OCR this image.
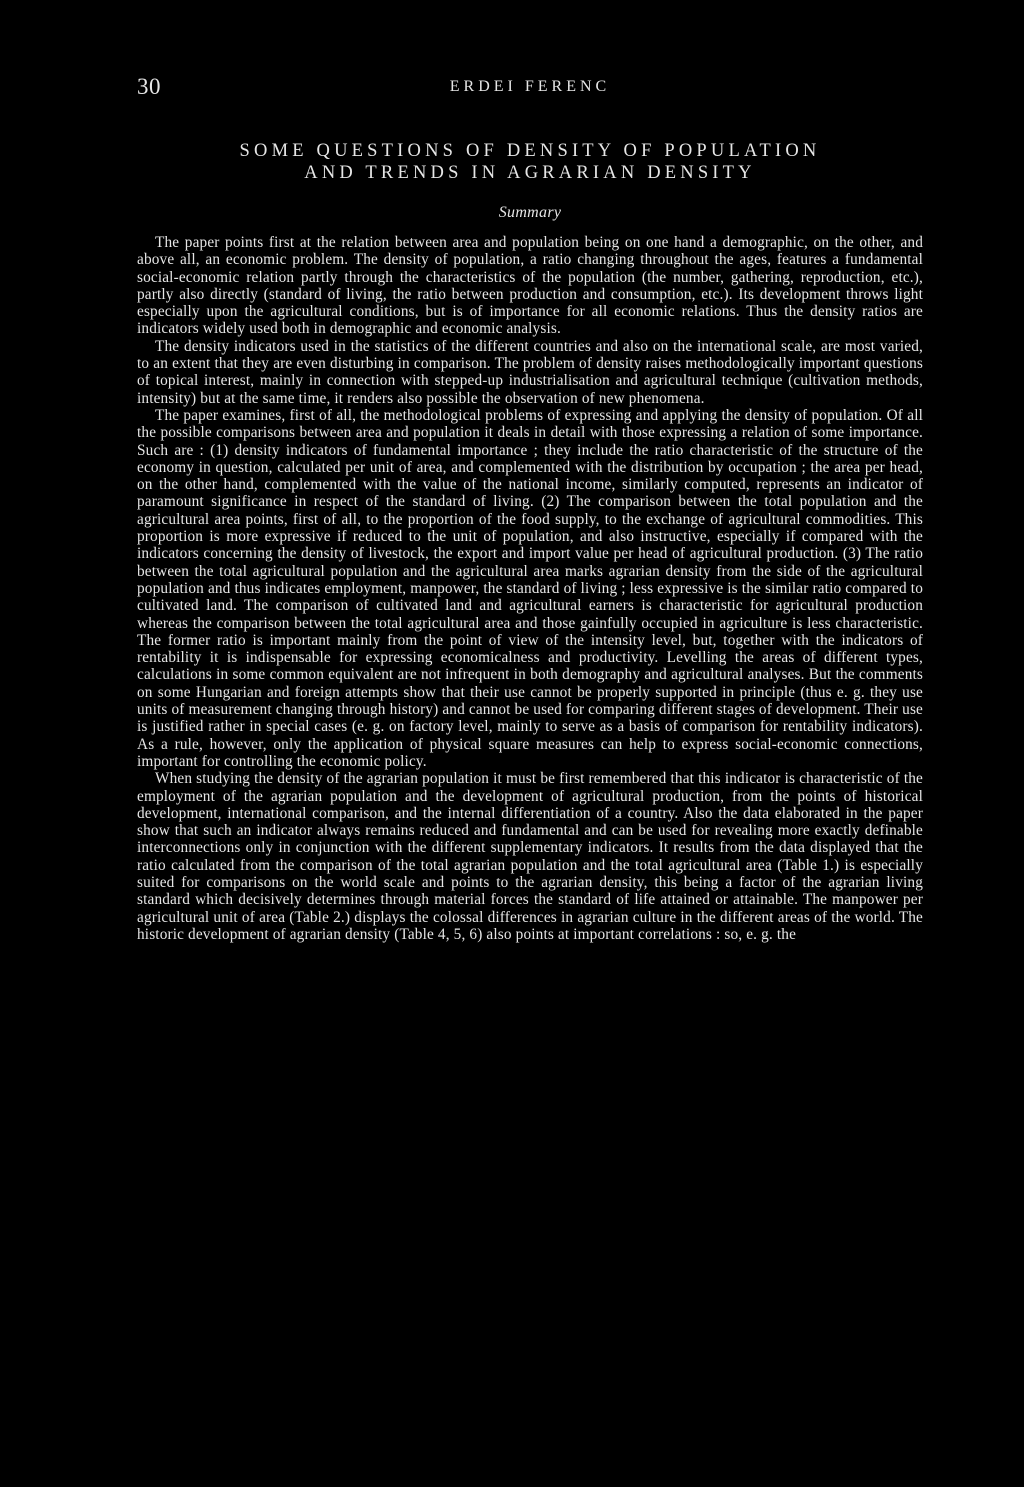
30	ERDEI FERENC
SOME QUESTIONS OF DENSITY OF POPULATION
AND TRENDS IN AGRARIAN DENSITY
Summary

The paper points first at the relation between area and population being on one hand a demographic, on the other, and above all, an economic problem. The density of population, a ratio changing throughout the ages, features a fundamental social-economic relation partly through the characteristics of the population (the number, gathering, reproduction, etc.), partly also directly (standard of living, the ratio between production and consumption, etc.). Its development throws light especially upon the agricultural conditions, but is of importance for all economic relations. Thus the density ratios are indicators widely used both in demographic and economic analysis.

The density indicators used in the statistics of the different countries and also on the international scale, are most varied, to an extent that they are even disturbing in comparison. The problem of density raises methodologically important questions of topical interest, mainly in connection with stepped-up industrialisation and agricultural technique (cultivation methods, intensity) but at the same time, it renders also possible the observation of new phenomena.

The paper examines, first of all, the methodological problems of expressing and applying the density of population. Of all the possible comparisons between area and population it deals in detail with those expressing a relation of some importance. Such are : (1) density indicators of fundamental importance ; they include the ratio characteristic of the structure of the economy in question, calculated per unit of area, and complemented with the distribution by occupation ; the area per head, on the other hand, complemented with the value of the national income, similarly computed, represents an indicator of paramount significance in respect of the standard of living. (2) The comparison between the total population and the agricultural area points, first of all, to the proportion of the food supply, to the exchange of agricultural commodities. This proportion is more expressive if reduced to the unit of population, and also instructive, especially if compared with the indicators concerning the density of livestock, the export and import value per head of agricultural production. (3) The ratio between the total agricultural population and the agricultural area marks agrarian density from the side of the agricultural population and thus indicates employment, manpower, the standard of living ; less expressive is the similar ratio compared to cultivated land. The comparison of cultivated land and agricultural earners is characteristic for agricultural production whereas the comparison between the total agricultural area and those gainfully occupied in agriculture is less characteristic. The former ratio is important mainly from the point of view of the intensity level, but, together with the indicators of rentability it is indispensable for expressing economicalness and productivity. Levelling the areas of different types, calculations in some common equivalent are not infrequent in both demography and agricultural analyses. But the comments on some Hungarian and foreign attempts show that their use cannot be properly supported in principle (thus e. g. they use units of measurement changing through history) and cannot be used for comparing different stages of development. Their use is justified rather in special cases (e. g. on factory level, mainly to serve as a basis of comparison for rentability indicators). As a rule, however, only the application of physical square measures can help to express social-economic connections, important for controlling the economic policy.

When studying the density of the agrarian population it must be first remembered that this indicator is characteristic of the employment of the agrarian population and the development of agricultural production, from the points of historical development, international comparison, and the internal differentiation of a country. Also the data elaborated in the paper show that such an indicator always remains reduced and fundamental and can be used for revealing more exactly definable interconnections only in conjunction with the different supplementary indicators. It results from the data displayed that the ratio calculated from the comparison of the total agrarian population and the total agricultural area (Table 1.) is especially suited for comparisons on the world scale and points to the agrarian density, this being a factor of the agrarian living standard which decisively determines through material forces the standard of life attained or attainable. The manpower per agricultural unit of area (Table 2.) displays the colossal differences in agrarian culture in the different areas of the world. The historic development of agrarian density (Table 4, 5, 6) also points at important correlations : so, e. g. the
